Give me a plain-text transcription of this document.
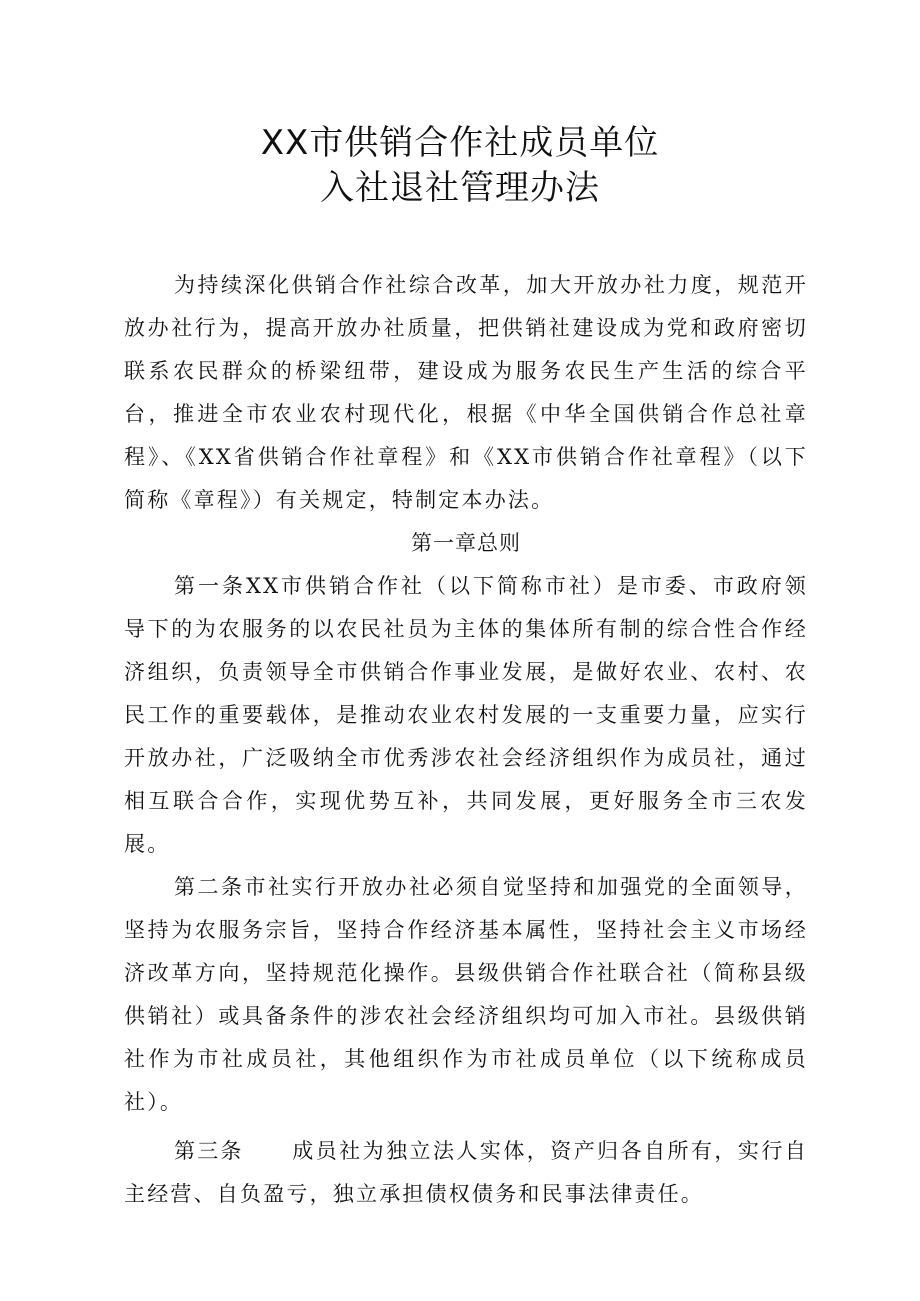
XX市供销合作社成员单位
入社退社管理办法

为持续深化供销合作社综合改革，加大开放办社力度，规范开放办社行为，提高开放办社质量，把供销社建设成为党和政府密切联系农民群众的桥梁纽带，建设成为服务农民生产生活的综合平台，推进全市农业农村现代化，根据《中华全国供销合作总社章程》、《XX省供销合作社章程》和《XX市供销合作社章程》（以下简称《章程》）有关规定，特制定本办法。

第一章总则

第一条XX市供销合作社（以下简称市社）是市委、市政府领导下的为农服务的以农民社员为主体的集体所有制的综合性合作经济组织，负责领导全市供销合作事业发展，是做好农业、农村、农民工作的重要载体，是推动农业农村发展的一支重要力量，应实行开放办社，广泛吸纳全市优秀涉农社会经济组织作为成员社，通过相互联合合作，实现优势互补，共同发展，更好服务全市三农发展。

第二条市社实行开放办社必须自觉坚持和加强党的全面领导，坚持为农服务宗旨，坚持合作经济基本属性，坚持社会主义市场经济改革方向，坚持规范化操作。县级供销合作社联合社（简称县级供销社）或具备条件的涉农社会经济组织均可加入市社。县级供销社作为市社成员社，其他组织作为市社成员单位（以下统称成员社）。

第三条 成员社为独立法人实体，资产归各自所有，实行自主经营、自负盈亏，独立承担债权债务和民事法律责任。
